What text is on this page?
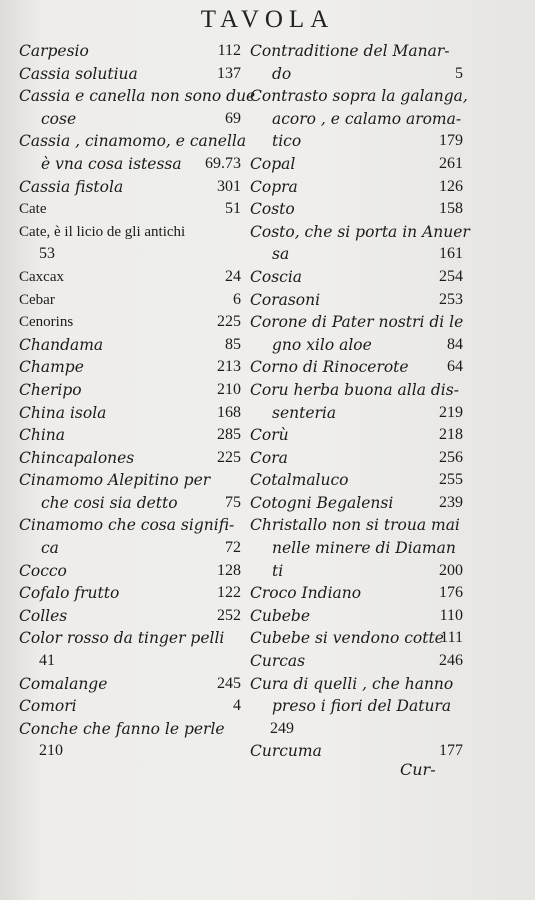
TAVOLA
Carpesio	112
Cassia solutiua	137
Cassia e canella non sono due
cose	69
Cassia , cinamomo, e canella
è vna cosa istessa 69.73
Cassia fistola	301
Cate	51
Cate, è il licio de gli antichi
53
Caxcax	24
Cebar	6
Cenorins	225
Chandama	85
Champe	213
Cheripo	210
China isola	168
China	285
Chincapalones	225
Cinamomo Alepitino per
che cosi sia detto	75
Cinamomo che cosa signifi-
ca	72
Cocco	128
Cofalo frutto	122
Colles	252
Color rosso da tinger pelli
41
Comalange	245
Comori	4
Conche che fanno le perle
210
Contraditione del Manar-
do	5
Contrasto sopra la galanga,
acoro , e calamo aroma-
tico	179
Copal	261
Copra	126
Costo	158
Costo, che si porta in Anuer
sa	161
Coscia	254
Corasoni	253
Corone di Pater nostri di le
gno xilo aloe	84
Corno di Rinocerote 64
Coru herba buona alla dis-
senteria	219
Corù	218
Cora	256
Cotalmaluco	255
Cotogni Begalensi	239
Christallo non si troua mai
nelle minere di Diaman
ti	200
Croco Indiano	176
Cubebe	110
Cubebe si vendono cotte
111
Curcas	246
Cura di quelli , che hanno
preso i fiori del Datura
249
Curcuma	177
Cur-
